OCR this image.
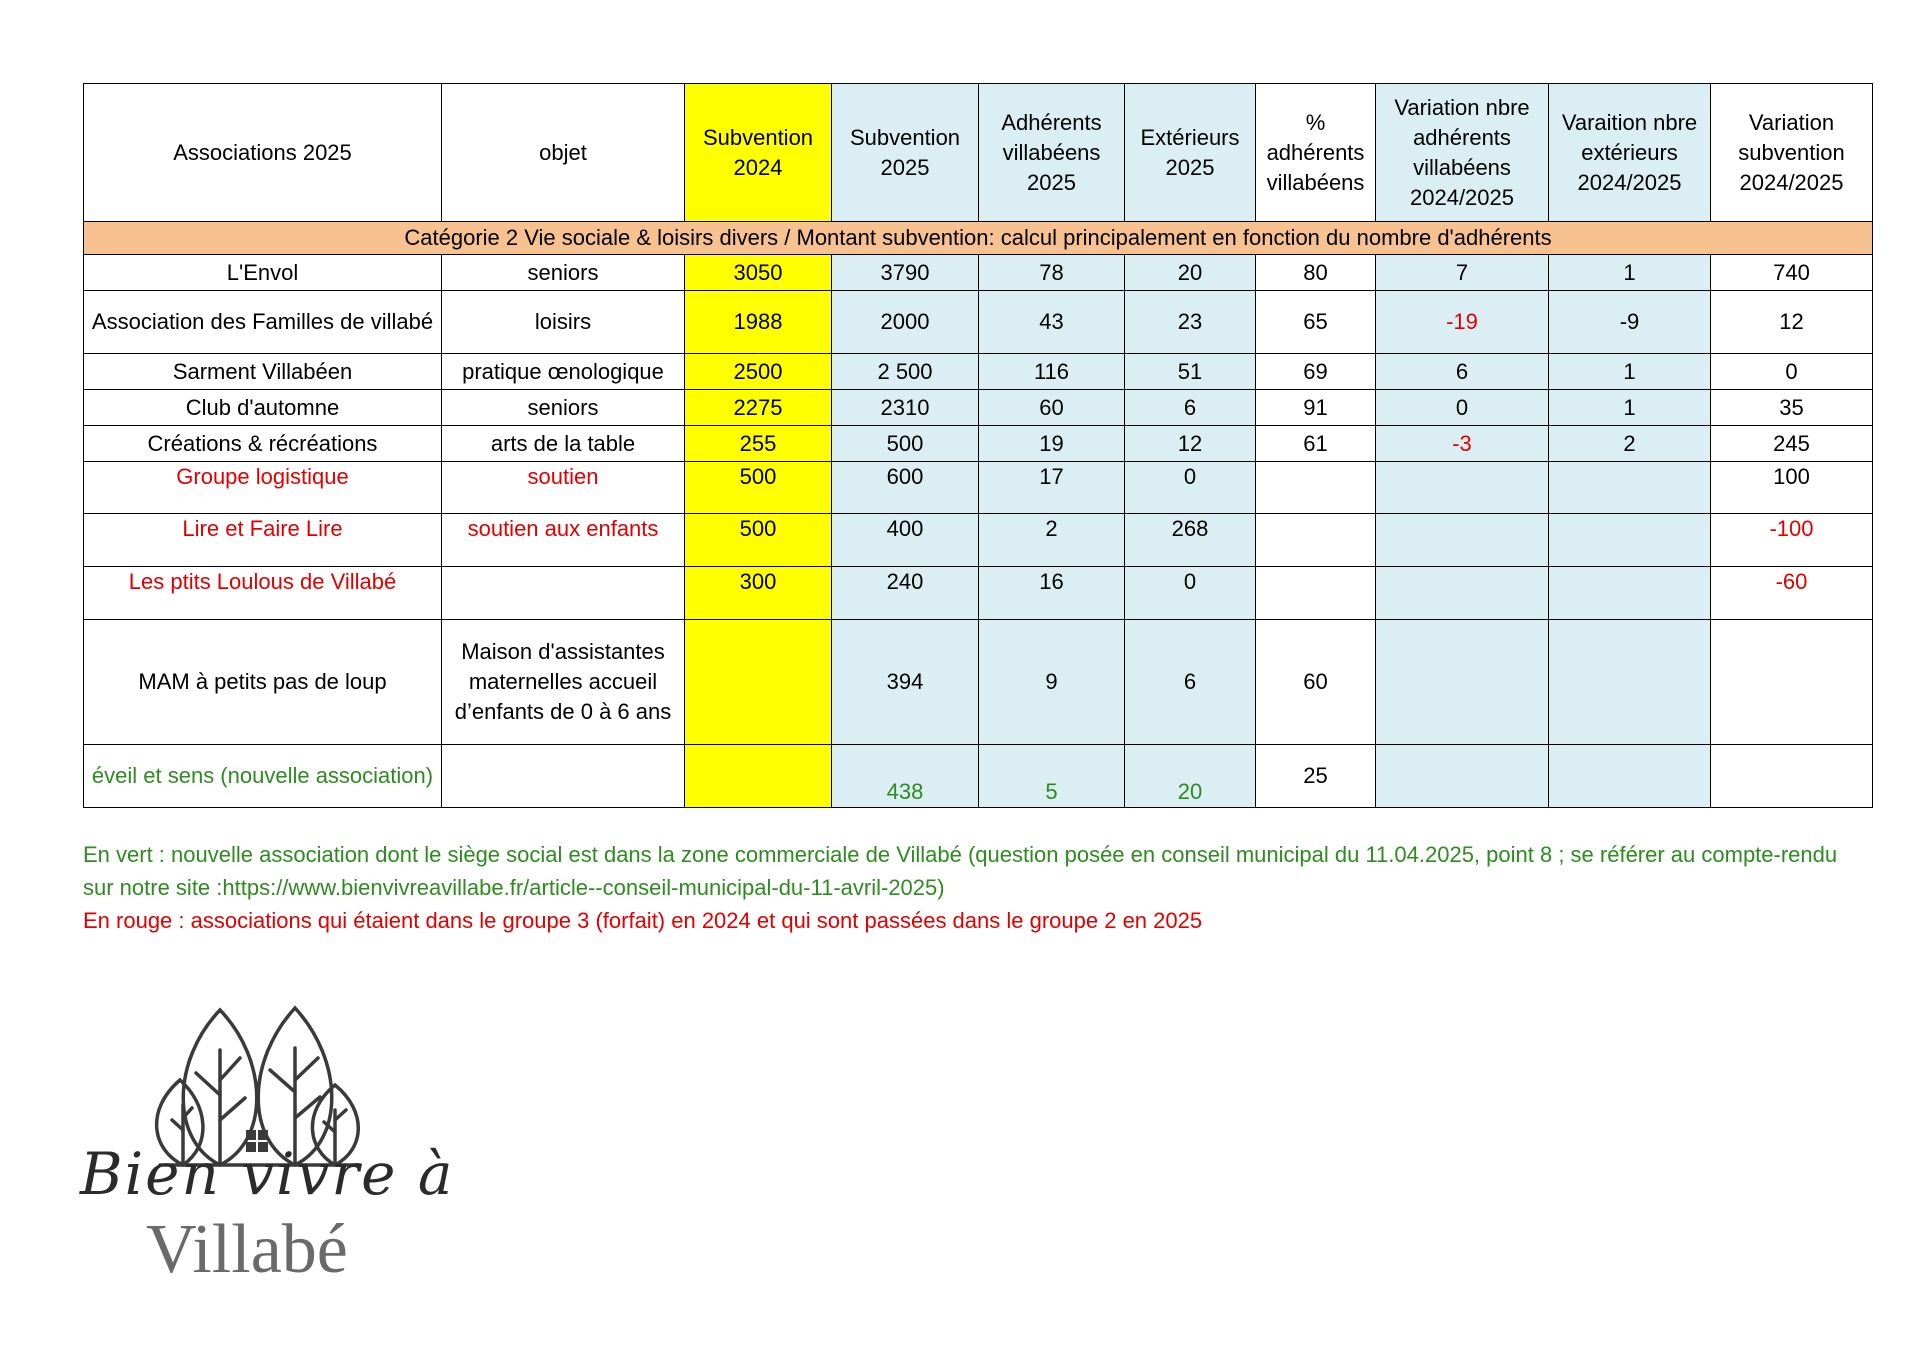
Associations 2025	objet	Subvention 2024	Subvention 2025	Adhérents villabéens 2025	Extérieurs 2025	% adhérents villabéens	Variation nbre adhérents villabéens 2024/2025	Varaition nbre extérieurs 2024/2025	Variation subvention 2024/2025
Catégorie 2 Vie sociale & loisirs divers / Montant subvention: calcul principalement en fonction du nombre d'adhérents									
L'Envol	seniors	3050	3790	78	20	80	7	1	740
Association des Familles de villabé	loisirs	1988	2000	43	23	65	-19	-9	12
Sarment Villabéen	pratique œnologique	2500	2 500	116	51	69	6	1	0
Club d'automne	seniors	2275	2310	60	6	91	0	1	35
Créations & récréations	arts de la table	255	500	19	12	61	-3	2	245
Groupe logistique	soutien	500	600	17	0				100
Lire et Faire Lire	soutien aux enfants	500	400	2	268				-100
Les ptits Loulous de Villabé		300	240	16	0				-60
MAM à petits pas de loup	Maison d'assistantes maternelles accueil d’enfants de 0 à 6 ans		394	9	6	60			
éveil et sens (nouvelle association)			438	5	20	25			

En vert : nouvelle association dont le siège social est dans la zone commerciale de Villabé (question posée en conseil municipal du 11.04.2025, point 8 ; se référer au compte-rendu sur notre site :https://www.bienvivreavillabe.fr/article--conseil-municipal-du-11-avril-2025)

En rouge : associations qui étaient dans le groupe 3 (forfait) en 2024 et qui sont passées dans le groupe 2 en 2025

Bien vivre à
Villabé
